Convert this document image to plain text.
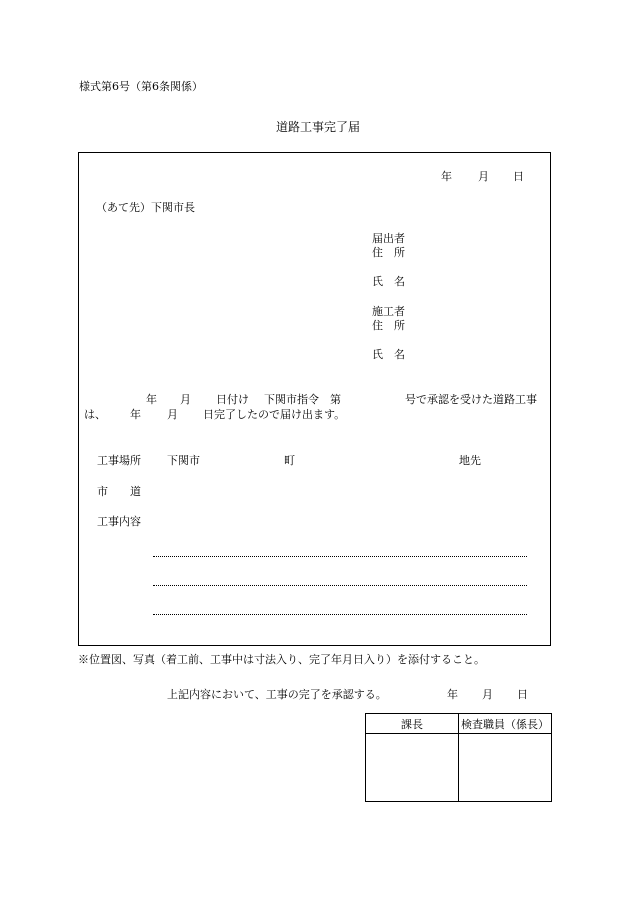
様式第6号（第6条関係）
道路工事完了届
年 月 日
（あて先）下関市長
届出者
住　所
氏　名
施工者
住　所
氏　名
年 月 日付け 下関市指令　第	号で承認を受けた道路工事
は、 年 月 日完了したので届け出ます。
工事場所 下関市	町	地先
市　　道
工事内容
※位置図、写真（着工前、工事中は寸法入り、完了年月日入り）を添付すること。
上記内容において、工事の完了を承認する。	年 月 日
課長	検査職員（係長）
